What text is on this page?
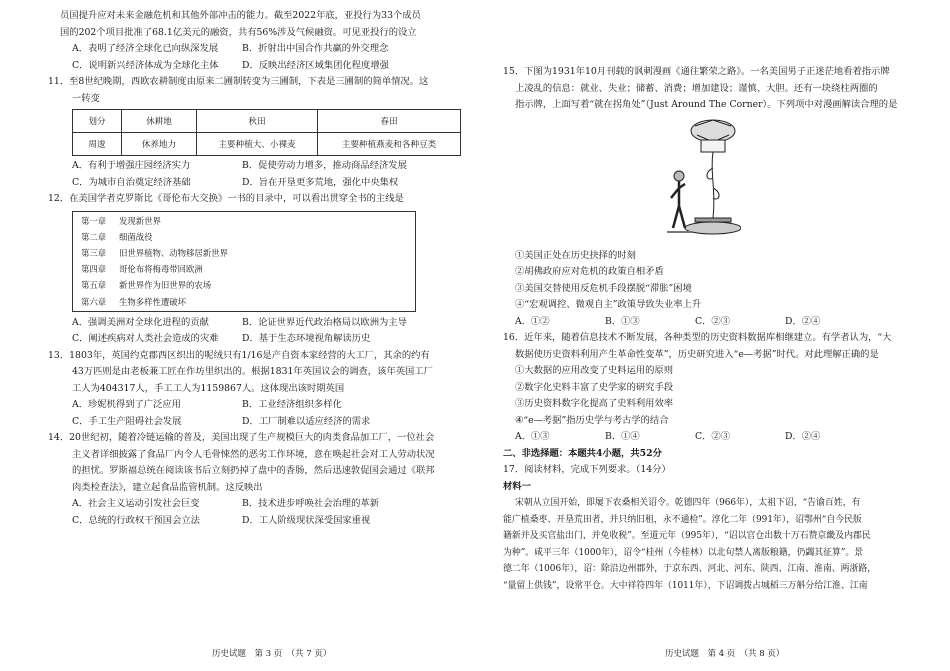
员国提升应对未来金融危机和其他外部冲击的能力。截至2022年底，亚投行为33个成员

国的202个项目批准了68.1亿美元的融资，共有56%涉及气候融资。可见亚投行的设立

A．表明了经济全球化已向纵深发展	B．折射出中国合作共赢的外交理念
C．说明新兴经济体成为全球化主体	D．反映出经济区域集团化程度增强

11．至8世纪晚期，西欧农耕制度由原来二圃制转变为三圃制，下表是三圃制的简单情况。这

一转变

划分	休耕地	秋田	春田
周逡	休养地力	主要种植大、小裸麦	主要种植燕麦和各种豆类
A．有利于增强庄园经济实力	B．促使劳动力增多，推动商品经济发展
C．为城市自治奠定经济基础	D．旨在开垦更多荒地，强化中央集权

12．在美国学者克罗斯比《哥伦布大交换》一书的目录中，可以看出贯穿全书的主线是

第一章 发现新世界
第二章 细菌战役
第三章 旧世界植物、动物移居新世界
第四章 哥伦布将梅毒带回欧洲
第五章 新世界作为旧世界的农场
第六章 生物多样性遭破坏
A．强调美洲对全球化进程的贡献	B．论证世界近代政治格局以欧洲为主导
C．阐述疾病对人类社会造成的灾难	D．基于生态环境视角解读历史

13．1803年，英国约克郡西区织出的呢绒只有1/16是产自资本家经营的大工厂，其余的约有

43万匹则是由老板兼工匠在作坊里织出的。根据1831年英国议会的调查，该年英国工厂

工人为404317人，手工工人为1159867人。这体现出该时期英国

A．珍妮机得到了广泛应用	B．工业经济组织多样化
C．手工生产阻碍社会发展	D．工厂制难以适应经济的需求

14．20世纪初，随着冷链运输的普及，美国出现了生产规模巨大的肉类食品加工厂，一位社会

主义者详细披露了食品厂内令人毛骨悚然的恶劣工作环境，意在唤起社会对工人劳动状况

的担忧。罗斯福总统在阅读该书后立刻扔掉了盘中的香肠，然后迅速敦促国会通过《联邦

肉类检查法》，建立起食品监管机制。这反映出

A．社会主义运动引发社会巨变	B．技术进步呼唤社会治理的革新
C．总统的行政权干预国会立法	D．工人阶级现状深受国家重视
历史试题　第 3 页　（共 7 页）

15．下图为1931年10月刊载的讽刺漫画《通往繁荣之路》。一名美国男子正迷茫地看着指示牌

上凌乱的信息：就业、失业；储蓄、消费；增加建设；谨慎、大胆。还有一块绕柱两圈的

指示牌，上面写着“就在拐角处”（Just Around The Corner）。下列项中对漫画解读合理的是

①美国正处在历史抉择的时刻

②胡佛政府应对危机的政策自相矛盾

③美国交替使用反危机手段摆脱“滞胀”困境

④“宏观调控、微观自主”政策导致失业率上升

A．①②	B．①③	C．②③	D．②④

16．近年来，随着信息技术不断发展，各种类型的历史资料数据库相继建立。有学者认为，“大

数据使历史资料利用产生革命性变革”，历史研究进入“e—考据”时代。对此理解正确的是

①大数据的应用改变了史料运用的原则

②数字化史料丰富了史学家的研究手段

③历史资料数字化提高了史料利用效率

④“e—考据”指历史学与考古学的结合

A．①③	B．①④	C．②③	D．②④

二、非选择题：本题共4小题，共52分

17．阅读材料，完成下列要求。（14分）

材料一

宋朝从立国开始，即屡下农桑相关诏令。乾德四年（966年），太祖下诏，“告谕百姓，有

能广植桑枣、开垦荒田者，并只纳旧租，永不通检”。淳化二年（991年），诏鄂州“自今民版

籍新并及买官盐出门，并免收税”。至道元年（995年），“诏以官仓出数十万石赞京畿及内郡民

为种”。咸平三年（1000年），诏令“桂州（今桂林）以北旬禁人离版粮籍，仍蠲其征算”。景

德二年（1006年），诏：除沿边州郡外，于京东西、河北、河东、陕西、江南、淮南、两浙路，

“量留上供钱”，设常平仓。大中祥符四年（1011年），下诏调拨占城稻三万斛分给江淮、江南

历史试题　第 4 页　（共 8 页）
